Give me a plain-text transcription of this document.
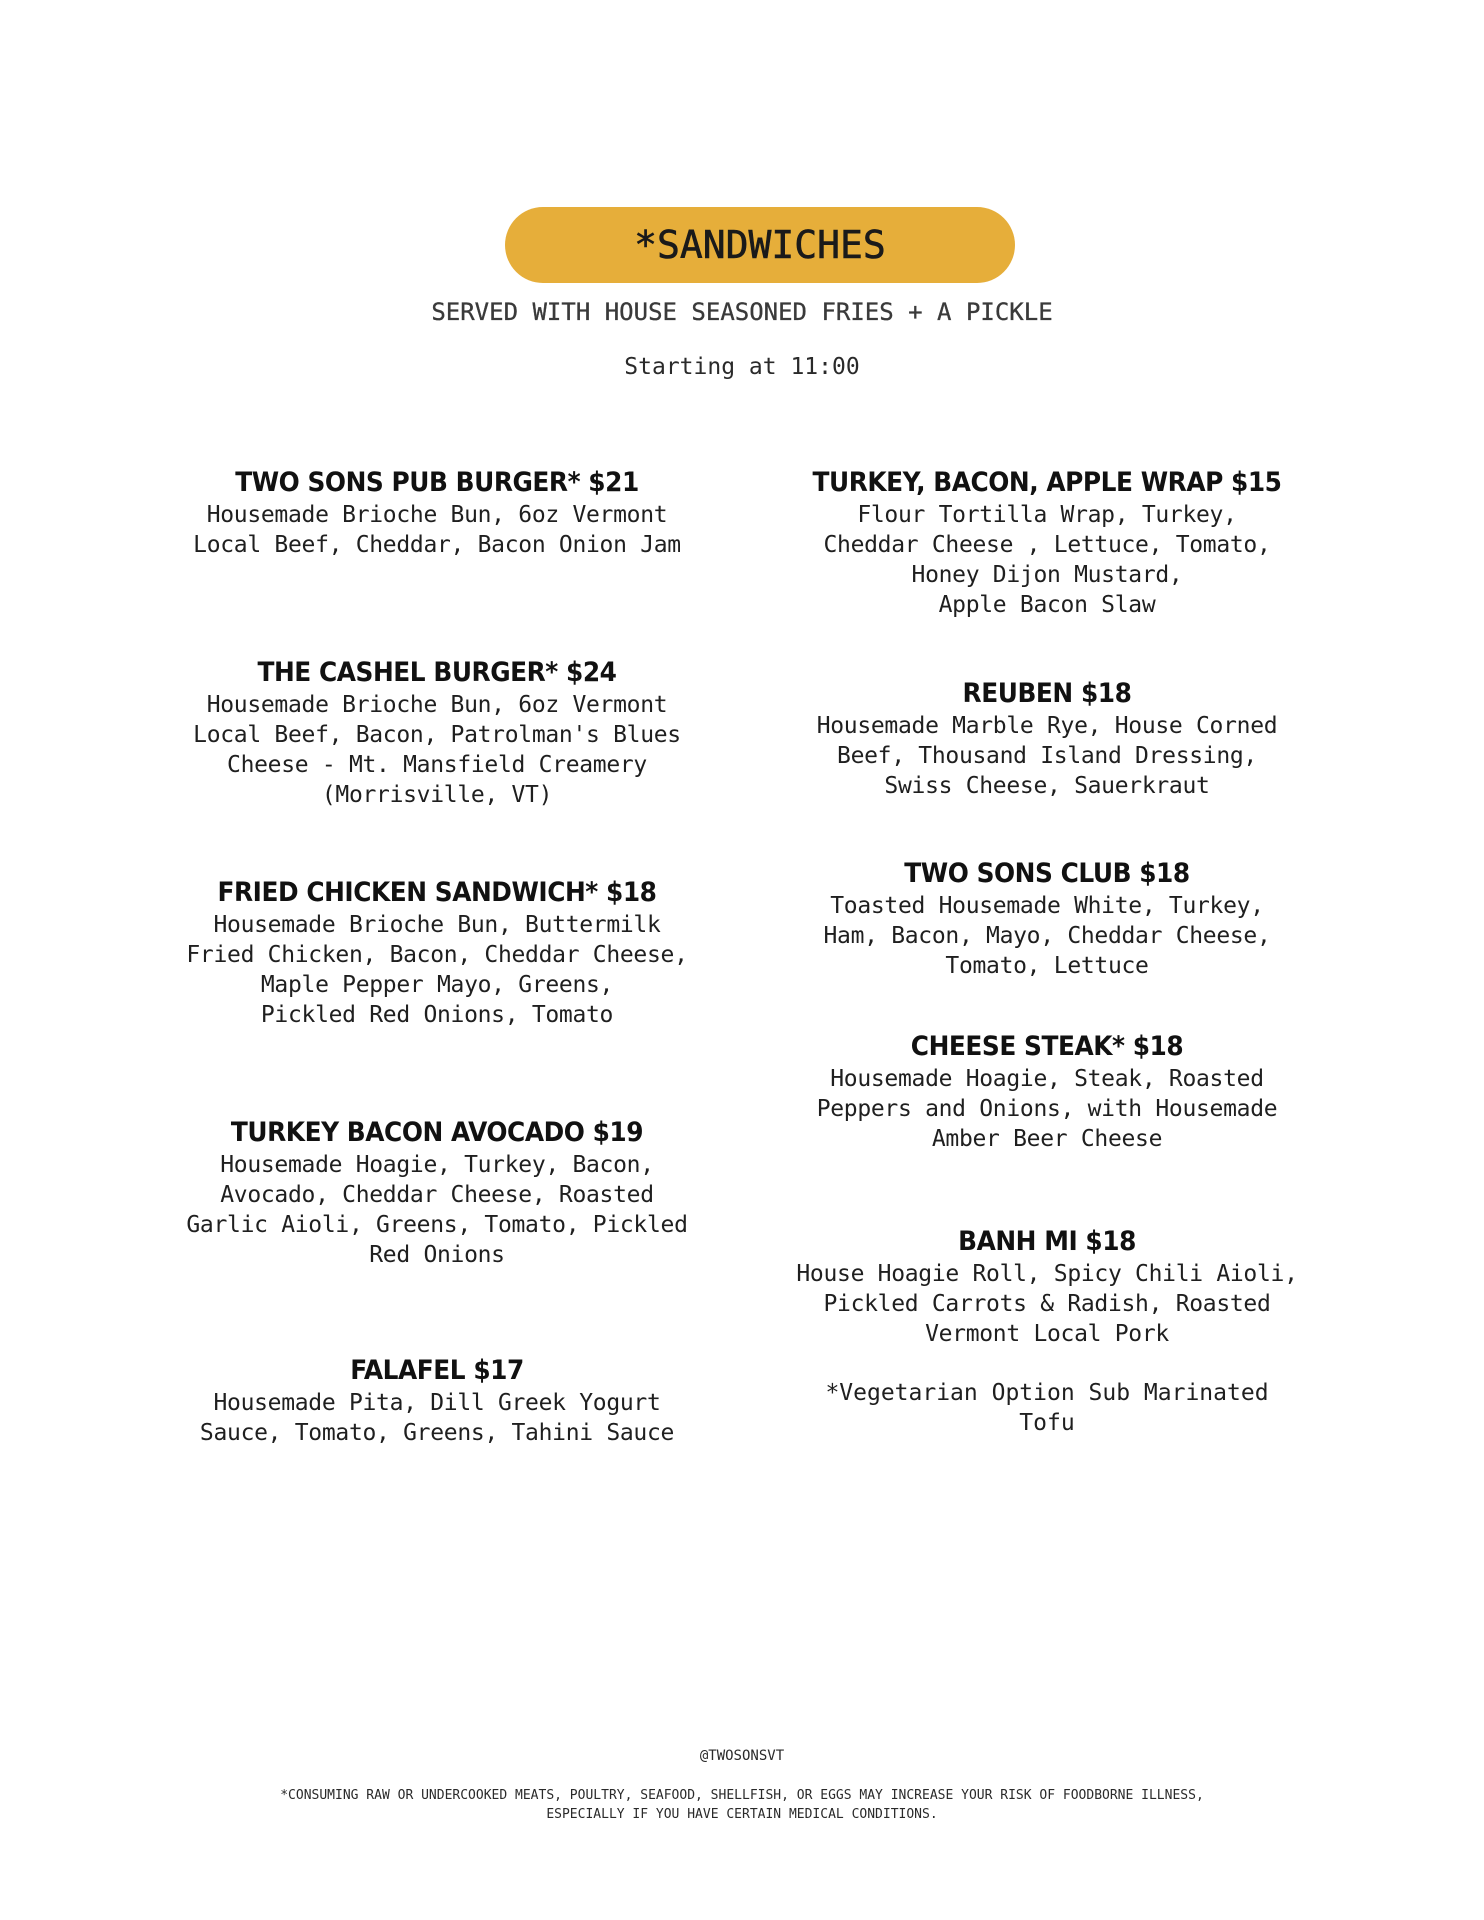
*SANDWICHES
SERVED WITH HOUSE SEASONED FRIES + A PICKLE
Starting at 11:00
TWO SONS PUB BURGER* $21
Housemade Brioche Bun, 6oz Vermont
Local Beef, Cheddar, Bacon Onion Jam
THE CASHEL BURGER* $24
Housemade Brioche Bun, 6oz Vermont
Local Beef, Bacon, Patrolman's Blues
Cheese - Mt. Mansfield Creamery
(Morrisville, VT)
FRIED CHICKEN SANDWICH* $18
Housemade Brioche Bun, Buttermilk
Fried Chicken, Bacon, Cheddar Cheese,
Maple Pepper Mayo, Greens,
Pickled Red Onions, Tomato
TURKEY BACON AVOCADO $19
Housemade Hoagie, Turkey, Bacon,
Avocado, Cheddar Cheese, Roasted
Garlic Aioli, Greens, Tomato, Pickled
Red Onions
FALAFEL $17
Housemade Pita, Dill Greek Yogurt
Sauce, Tomato, Greens, Tahini Sauce
TURKEY, BACON, APPLE WRAP $15
Flour Tortilla Wrap, Turkey,
Cheddar Cheese , Lettuce, Tomato,
Honey Dijon Mustard,
Apple Bacon Slaw
REUBEN $18
Housemade Marble Rye, House Corned
Beef, Thousand Island Dressing,
Swiss Cheese, Sauerkraut
TWO SONS CLUB $18
Toasted Housemade White, Turkey,
Ham, Bacon, Mayo, Cheddar Cheese,
Tomato, Lettuce
CHEESE STEAK* $18
Housemade Hoagie, Steak, Roasted
Peppers and Onions, with Housemade
Amber Beer Cheese
BANH MI $18
House Hoagie Roll, Spicy Chili Aioli,
Pickled Carrots & Radish, Roasted
Vermont Local Pork
*Vegetarian Option Sub Marinated
Tofu
@TWOSONSVT
*CONSUMING RAW OR UNDERCOOKED MEATS, POULTRY, SEAFOOD, SHELLFISH, OR EGGS MAY INCREASE YOUR RISK OF FOODBORNE ILLNESS,
ESPECIALLY IF YOU HAVE CERTAIN MEDICAL CONDITIONS.
